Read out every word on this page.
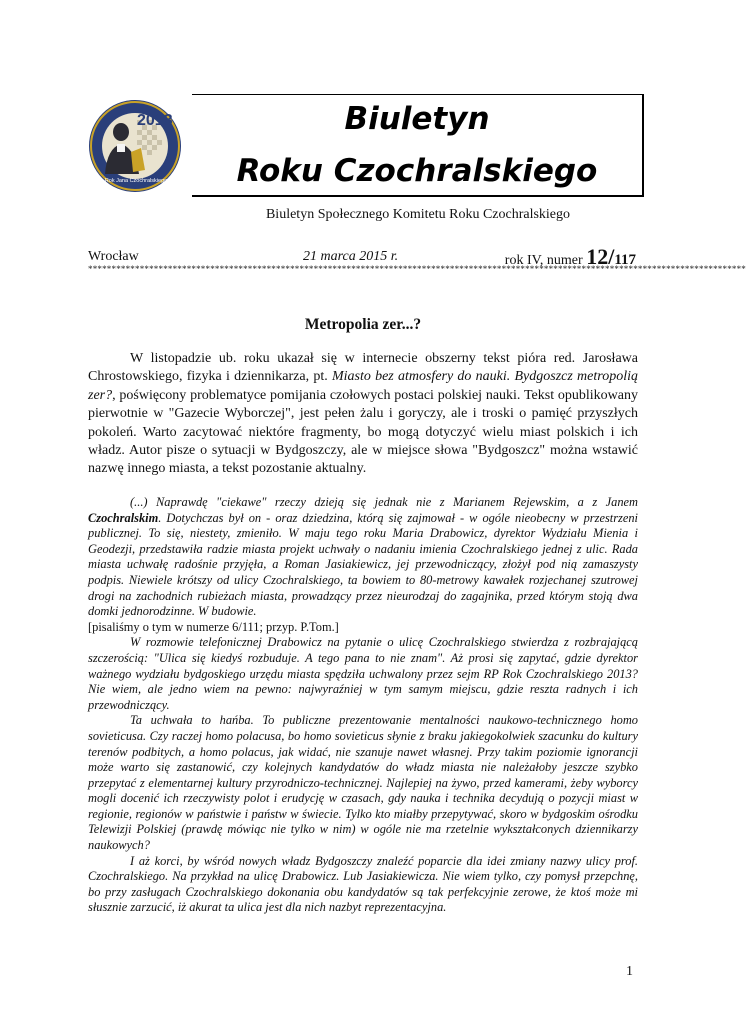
2013
Rok Jana Czochralskiego
Biuletyn
Roku Czochralskiego
Biuletyn Społecznego Komitetu Roku Czochralskiego
Wrocław	21 marca 2015 r.	rok IV, numer 12/117
********************************************************************************************************************************************
Metropolia zer...?

W listopadzie ub. roku ukazał się w internecie obszerny tekst pióra red. Jarosława Chrostowskiego, fizyka i dziennikarza, pt. Miasto bez atmosfery do nauki. Bydgoszcz metropolią zer?, poświęcony problematyce pomijania czołowych postaci polskiej nauki. Tekst opublikowany pierwotnie w "Gazecie Wyborczej", jest pełen żalu i goryczy, ale i troski o pamięć przyszłych pokoleń. Warto zacytować niektóre fragmenty, bo mogą dotyczyć wielu miast polskich i ich władz. Autor pisze o sytuacji w Bydgoszczy, ale w miejsce słowa "Bydgoszcz" można wstawić nazwę innego miasta, a tekst pozostanie aktualny.

(...) Naprawdę "ciekawe" rzeczy dzieją się jednak nie z Marianem Rejewskim, a z Janem Czochralskim. Dotychczas był on - oraz dziedzina, którą się zajmował - w ogóle nieobecny w przestrzeni publicznej. To się, niestety, zmieniło. W maju tego roku Maria Drabowicz, dyrektor Wydziału Mienia i Geodezji, przedstawiła radzie miasta projekt uchwały o nadaniu imienia Czochralskiego jednej z ulic. Rada miasta uchwałę radośnie przyjęła, a Roman Jasiakiewicz, jej przewodniczący, złożył pod nią zamaszysty podpis. Niewiele krótszy od ulicy Czochralskiego, ta bowiem to 80-metrowy kawałek rozjechanej szutrowej drogi na zachodnich rubieżach miasta, prowadzący przez nieurodzaj do zagajnika, przed którym stoją dwa domki jednorodzinne. W budowie.
[pisaliśmy o tym w numerze 6/111; przyp. P.Tom.]

W rozmowie telefonicznej Drabowicz na pytanie o ulicę Czochralskiego stwierdza z rozbrajającą szczerością: "Ulica się kiedyś rozbuduje. A tego pana to nie znam". Aż prosi się zapytać, gdzie dyrektor ważnego wydziału bydgoskiego urzędu miasta spędziła uchwalony przez sejm RP Rok Czochralskiego 2013? Nie wiem, ale jedno wiem na pewno: najwyraźniej w tym samym miejscu, gdzie reszta radnych i ich przewodniczący.

Ta uchwała to hańba. To publiczne prezentowanie mentalności naukowo-technicznego homo sovieticusa. Czy raczej homo polacusa, bo homo sovieticus słynie z braku jakiegokolwiek szacunku do kultury terenów podbitych, a homo polacus, jak widać, nie szanuje nawet własnej. Przy takim poziomie ignorancji może warto się zastanowić, czy kolejnych kandydatów do władz miasta nie należałoby jeszcze szybko przepytać z elementarnej kultury przyrodniczo-technicznej. Najlepiej na żywo, przed kamerami, żeby wyborcy mogli docenić ich rzeczywisty polot i erudycję w czasach, gdy nauka i technika decydują o pozycji miast w regionie, regionów w państwie i państw w świecie. Tylko kto miałby przepytywać, skoro w bydgoskim ośrodku Telewizji Polskiej (prawdę mówiąc nie tylko w nim) w ogóle nie ma rzetelnie wykształconych dziennikarzy naukowych?

I aż korci, by wśród nowych władz Bydgoszczy znaleźć poparcie dla idei zmiany nazwy ulicy prof. Czochralskiego. Na przykład na ulicę Drabowicz. Lub Jasiakiewicza. Nie wiem tylko, czy pomysł przepchnę, bo przy zasługach Czochralskiego dokonania obu kandydatów są tak perfekcyjnie zerowe, że ktoś może mi słusznie zarzucić, iż akurat ta ulica jest dla nich nazbyt reprezentacyjna.

1
